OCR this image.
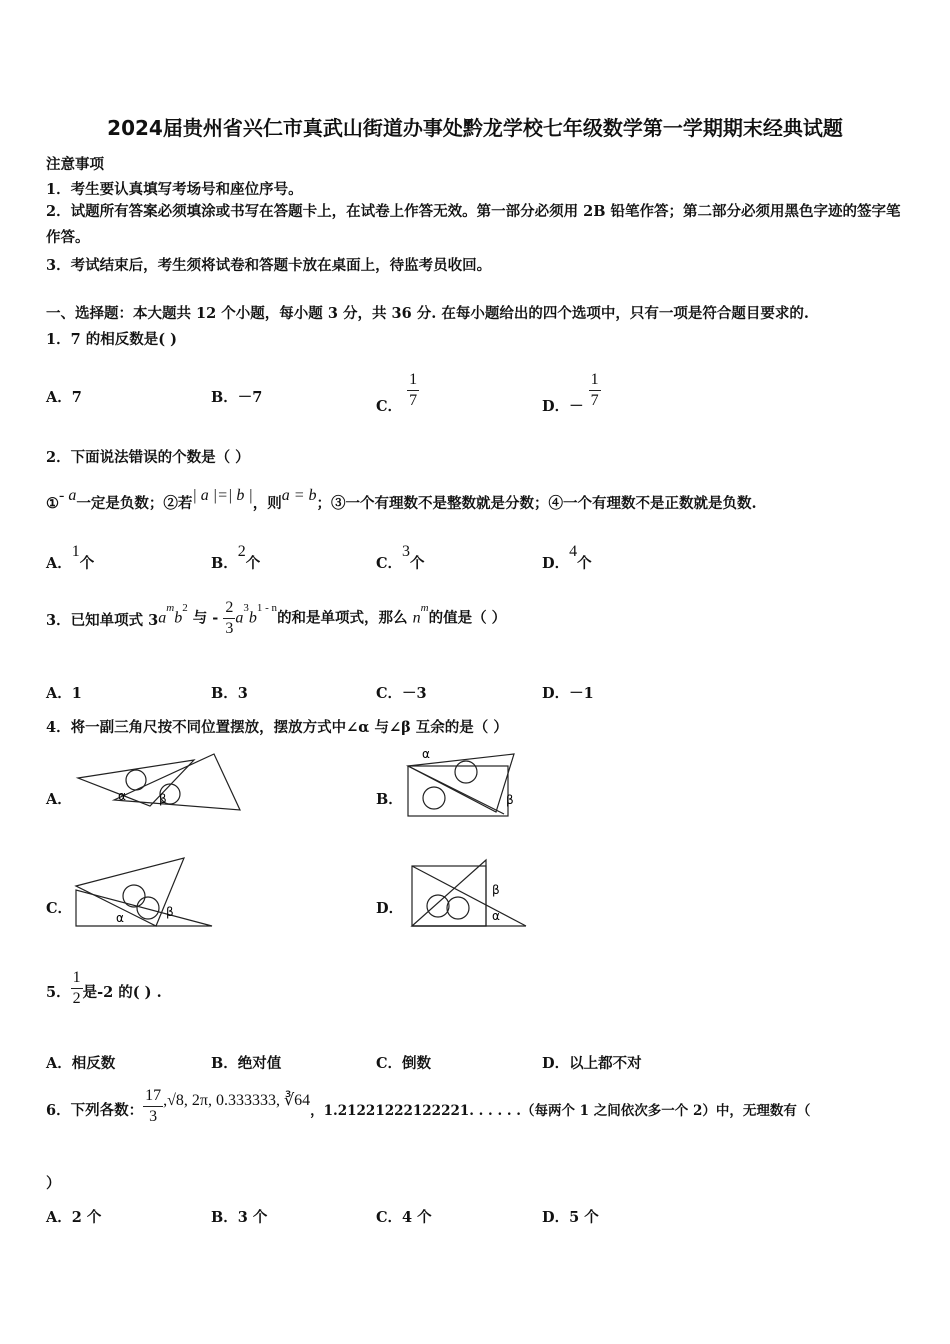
2024届贵州省兴仁市真武山街道办事处黔龙学校七年级数学第一学期期末经典试题
注意事项
1．考生要认真填写考场号和座位序号。
2．试题所有答案必须填涂或书写在答题卡上，在试卷上作答无效。第一部分必须用 2B 铅笔作答；第二部分必须用黑色字迹的签字笔作答。
3．考试结束后，考生须将试卷和答题卡放在桌面上，待监考员收回。
一、选择题：本大题共 12 个小题，每小题 3 分，共 36 分. 在每小题给出的四个选项中，只有一项是符合题目要求的.
1．7 的相反数是( )
A．7	B．－7	C． $\frac{1}{7}$	D．－ $\frac{1}{7}$
2．下面说法错误的个数是（ ）
①- a一定是负数；②若| a |=| b |，则a = b；③一个有理数不是整数就是分数；④一个有理数不是正数就是负数.
A．1个	B．2个	C．3个	D．4个
3．已知单项式 $3a^mb^2$ 与 - $\frac{2}{3} a^3b^{1 - n}$的和是单项式，那么 $n^m$的值是（ ）
A．1	B．3	C．－3	D．－1
4．将一副三角尺按不同位置摆放，摆放方式中∠α 与∠β 互余的是（ ）
A．	B．
C．	D．
α	β
α
β
α	β
β
α
5． $\frac{1}{2}$ 是-2 的( ) .
A．相反数	B．绝对值	C．倒数	D．以上都不对
6．下列各数： $\frac{17}{3} ,√8$, 2π, 0.333333, ∛64，1.21221222122221. . . . . .（每两个 1 之间依次多一个 2）中，无理数有（
）
A．2 个	B．3 个	C．4 个	D．5 个
